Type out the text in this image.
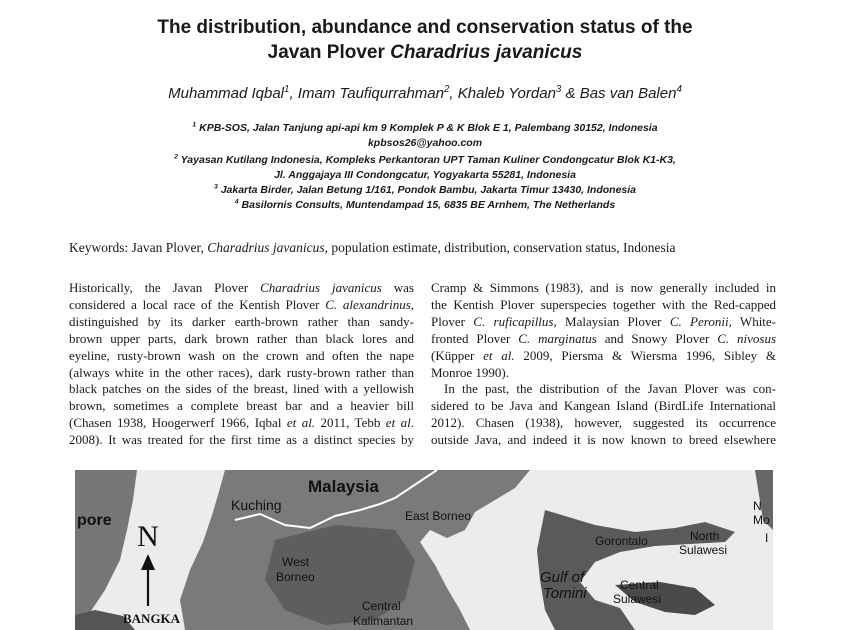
The distribution, abundance and conservation status of the
Javan Plover Charadrius javanicus
Muhammad Iqbal$^1$, Imam Taufiqurrahman$^2$, Khaleb Yordan$^3$ & Bas van Balen$^4$
$^1$ KPB-SOS, Jalan Tanjung api-api km 9 Komplek P & K Blok E 1, Palembang 30152, Indonesia
kpbsos26@yahoo.com
$^2$ Yayasan Kutilang Indonesia, Kompleks Perkantoran UPT Taman Kuliner Condongcatur Blok K1-K3,
Jl. Anggajaya III Condongcatur, Yogyakarta 55281, Indonesia
$^3$ Jakarta Birder, Jalan Betung 1/161, Pondok Bambu, Jakarta Timur 13430, Indonesia
$^4$ Basilornis Consults, Muntendampad 15, 6835 BE Arnhem, The Netherlands
Keywords: Javan Plover, Charadrius javanicus, population estimate, distribution, conservation status, Indonesia
Historically, the Javan Plover Charadrius javanicus was
considered a local race of the Kentish Plover C. alexandrinus,
distinguished by its darker earth-brown rather than sandy-
brown upper parts, dark brown rather than black lores and
eyeline, rusty-brown wash on the crown and often the nape
(always white in the other races), dark rusty-brown rather than
black patches on the sides of the breast, lined with a yellowish
brown, sometimes a complete breast bar and a heavier bill
(Chasen 1938, Hoogerwerf 1966, Iqbal et al. 2011, Tebb et al.
2008). It was treated for the first time as a distinct species by
Cramp & Simmons (1983), and is now generally included in
the Kentish Plover superspecies together with the Red-capped
Plover C. ruficapillus, Malaysian Plover C. Peronii, White-
fronted Plover C. marginatus and Snowy Plover C. nivosus
(Küpper et al. 2009, Piersma & Wiersma 1996, Sibley &
Monroe 1990).
 In the past, the distribution of the Javan Plover was con-
sidered to be Java and Kangean Island (BirdLife International
2012). Chasen (1938), however, suggested its occurrence
outside Java, and indeed it is now known to breed elsewhere
N
BANGKA
Malaysia
Kuching
pore	East Borneo
West
Borneo
Central
Kalimantan
Gorontalo	North
Sulawesi
Gulf of
Tomini	Central
Sulawesi
N
Mo
I
